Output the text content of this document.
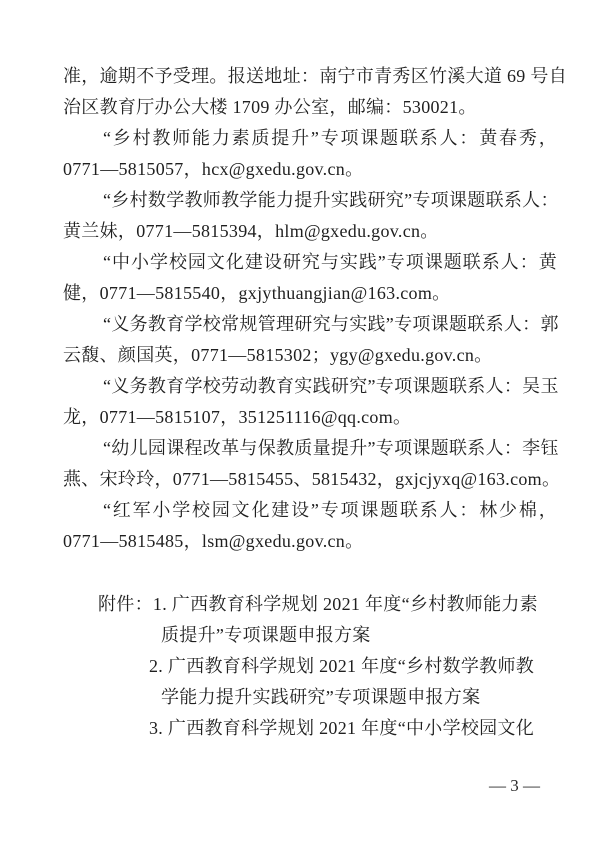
准，逾期不予受理。报送地址：南宁市青秀区竹溪大道 69 号自
治区教育厅办公大楼 1709 办公室，邮编：530021。
“乡村教师能力素质提升”专项课题联系人：黄春秀，
0771—5815057，hcx@gxedu.gov.cn。
“乡村数学教师教学能力提升实践研究”专项课题联系人：
黄兰妹，0771—5815394，hlm@gxedu.gov.cn。
“中小学校园文化建设研究与实践”专项课题联系人：黄
健，0771—5815540，gxjythuangjian@163.com。
“义务教育学校常规管理研究与实践”专项课题联系人：郭
云馥、颜国英，0771—5815302；ygy@gxedu.gov.cn。
“义务教育学校劳动教育实践研究”专项课题联系人：吴玉
龙，0771—5815107，351251116@qq.com。
“幼儿园课程改革与保教质量提升”专项课题联系人：李钰
燕、宋玲玲，0771—5815455、5815432，gxjcjyxq@163.com。
“红军小学校园文化建设”专项课题联系人：林少棉，
0771—5815485，lsm@gxedu.gov.cn。
附件：1. 广西教育科学规划 2021 年度“乡村教师能力素
质提升”专项课题申报方案
2. 广西教育科学规划 2021 年度“乡村数学教师教
学能力提升实践研究”专项课题申报方案
3. 广西教育科学规划 2021 年度“中小学校园文化
— 3 —
